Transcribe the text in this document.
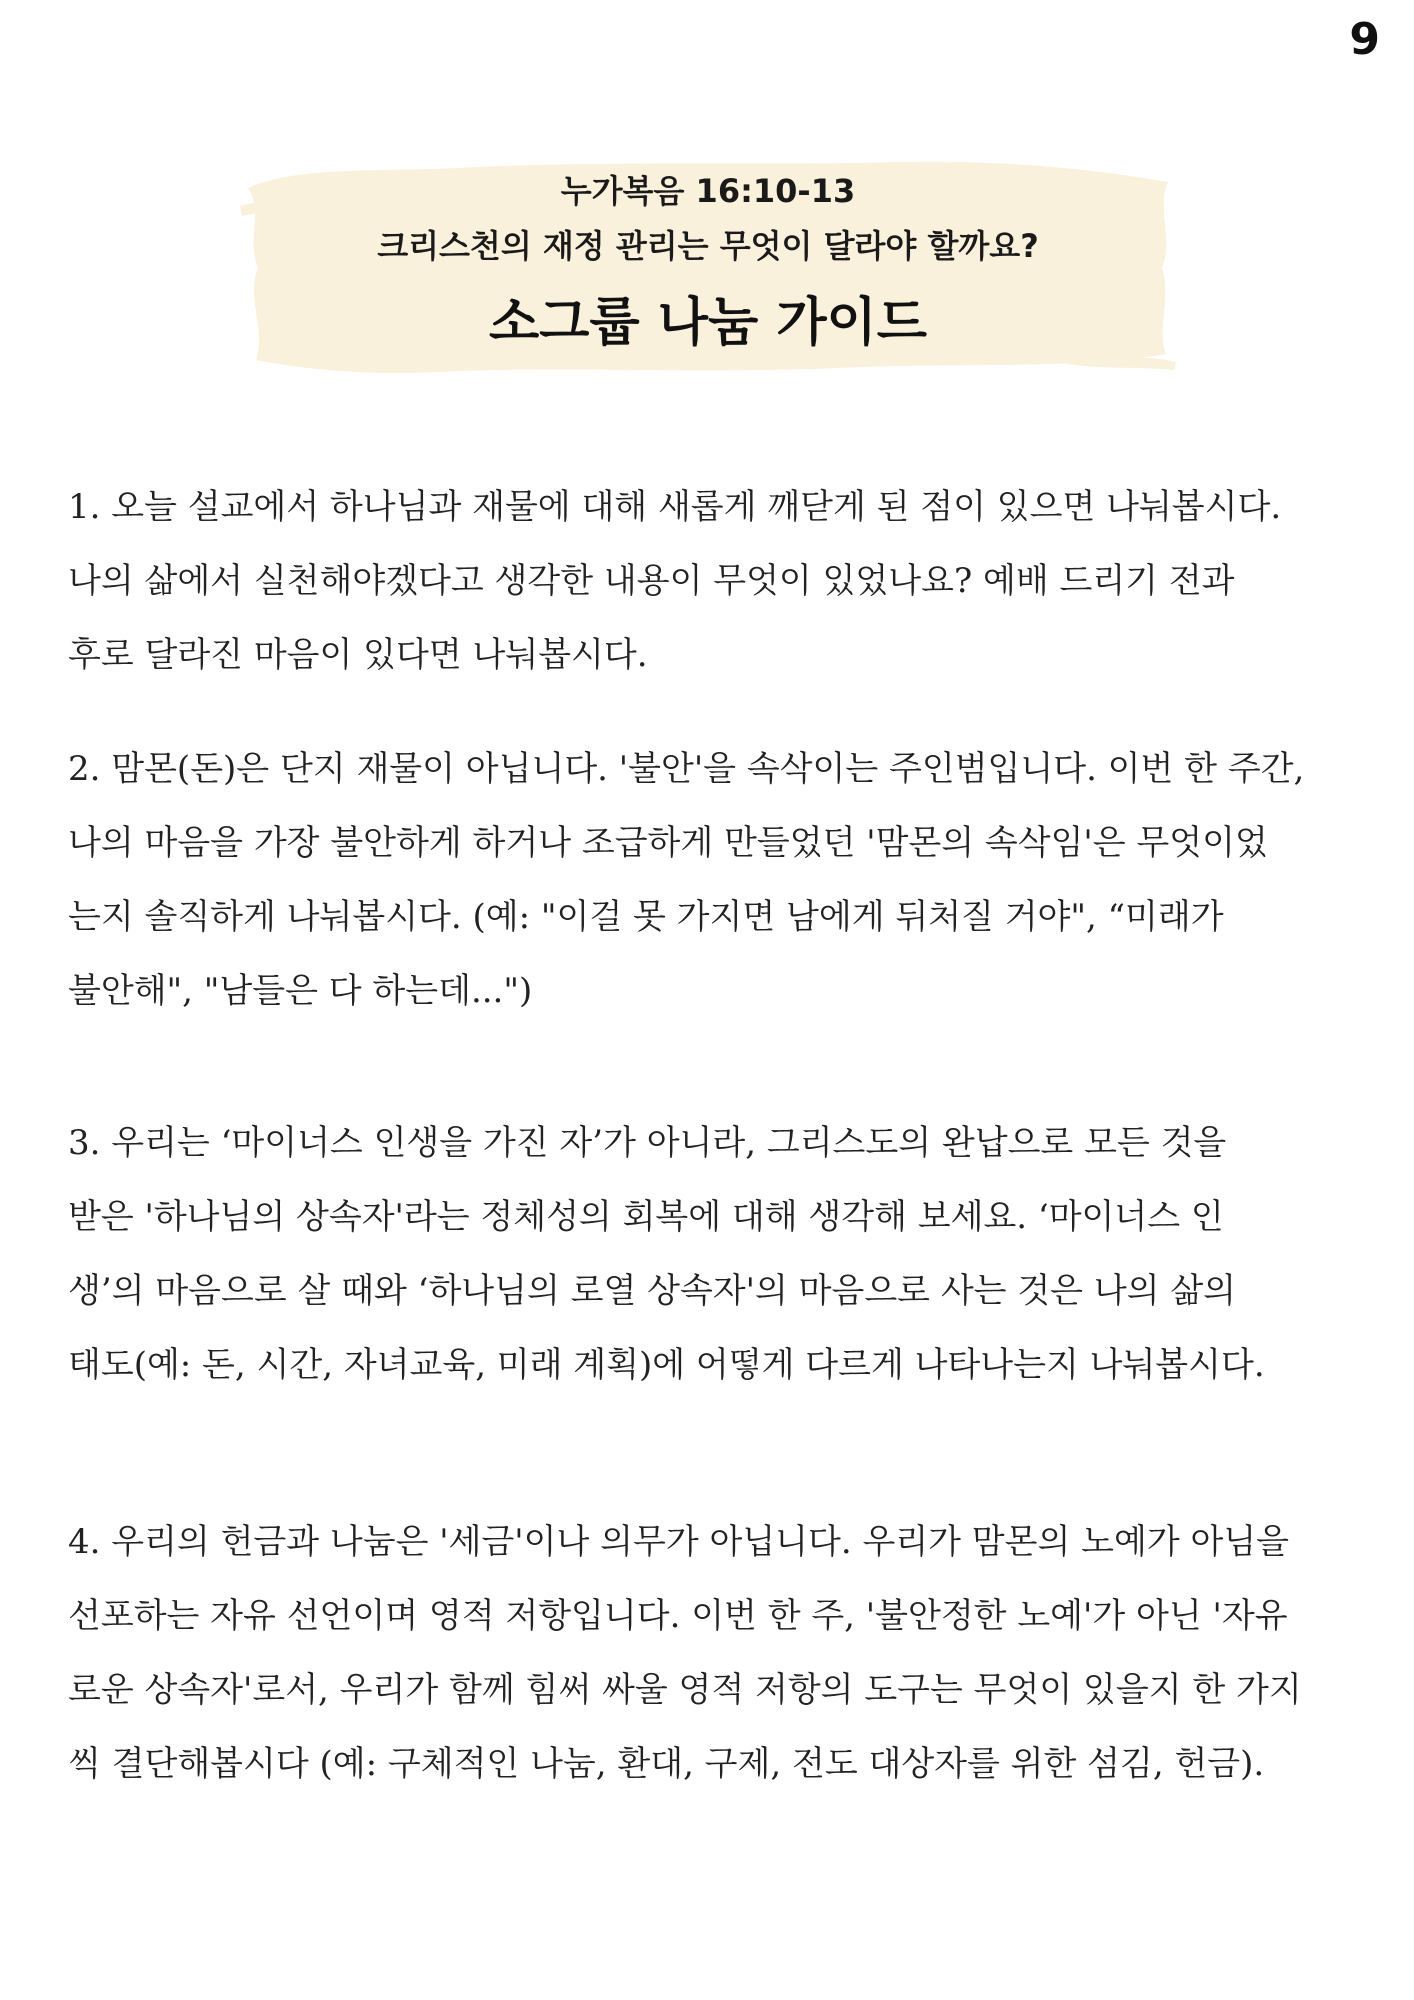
9
누가복음 16:10-13
크리스천의 재정 관리는 무엇이 달라야 할까요?
소그룹 나눔 가이드
1. 오늘 설교에서 하나님과 재물에 대해 새롭게 깨닫게 된 점이 있으면 나눠봅시다.
나의 삶에서 실천해야겠다고 생각한 내용이 무엇이 있었나요? 예배 드리기 전과
후로 달라진 마음이 있다면 나눠봅시다.
2. 맘몬(돈)은 단지 재물이 아닙니다. '불안'을 속삭이는 주인범입니다. 이번 한 주간,
나의 마음을 가장 불안하게 하거나 조급하게 만들었던 '맘몬의 속삭임'은 무엇이었
는지 솔직하게 나눠봅시다. (예: "이걸 못 가지면 남에게 뒤처질 거야", “미래가
불안해", "남들은 다 하는데...")
3. 우리는 ‘마이너스 인생을 가진 자’가 아니라, 그리스도의 완납으로 모든 것을
받은 '하나님의 상속자'라는 정체성의 회복에 대해 생각해 보세요. ‘마이너스 인
생’의 마음으로 살 때와 ‘하나님의 로열 상속자'의 마음으로 사는 것은 나의 삶의
태도(예: 돈, 시간, 자녀교육, 미래 계획)에 어떻게 다르게 나타나는지 나눠봅시다.
4. 우리의 헌금과 나눔은 '세금'이나 의무가 아닙니다. 우리가 맘몬의 노예가 아님을
선포하는 자유 선언이며 영적 저항입니다. 이번 한 주, '불안정한 노예'가 아닌 '자유
로운 상속자'로서, 우리가 함께 힘써 싸울 영적 저항의 도구는 무엇이 있을지 한 가지
씩 결단해봅시다 (예: 구체적인 나눔, 환대, 구제, 전도 대상자를 위한 섬김, 헌금).
